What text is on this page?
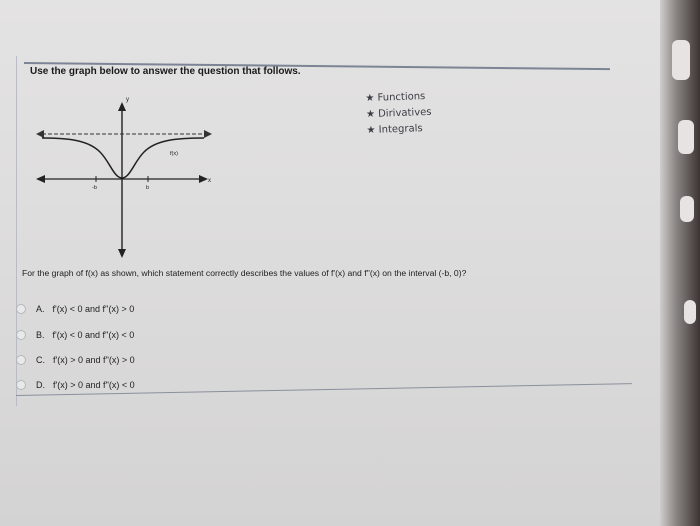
Use the graph below to answer the question that follows.
★ Functions
★ Dirivatives
★ Integrals
y
x
f(x)
-b	b
For the graph of f(x) as shown, which statement correctly describes the values of f'(x) and f''(x) on the interval (-b, 0)?
A. f'(x) < 0 and f''(x) > 0
B. f'(x) < 0 and f''(x) < 0
C. f'(x) > 0 and f''(x) > 0
D. f'(x) > 0 and f''(x) < 0
